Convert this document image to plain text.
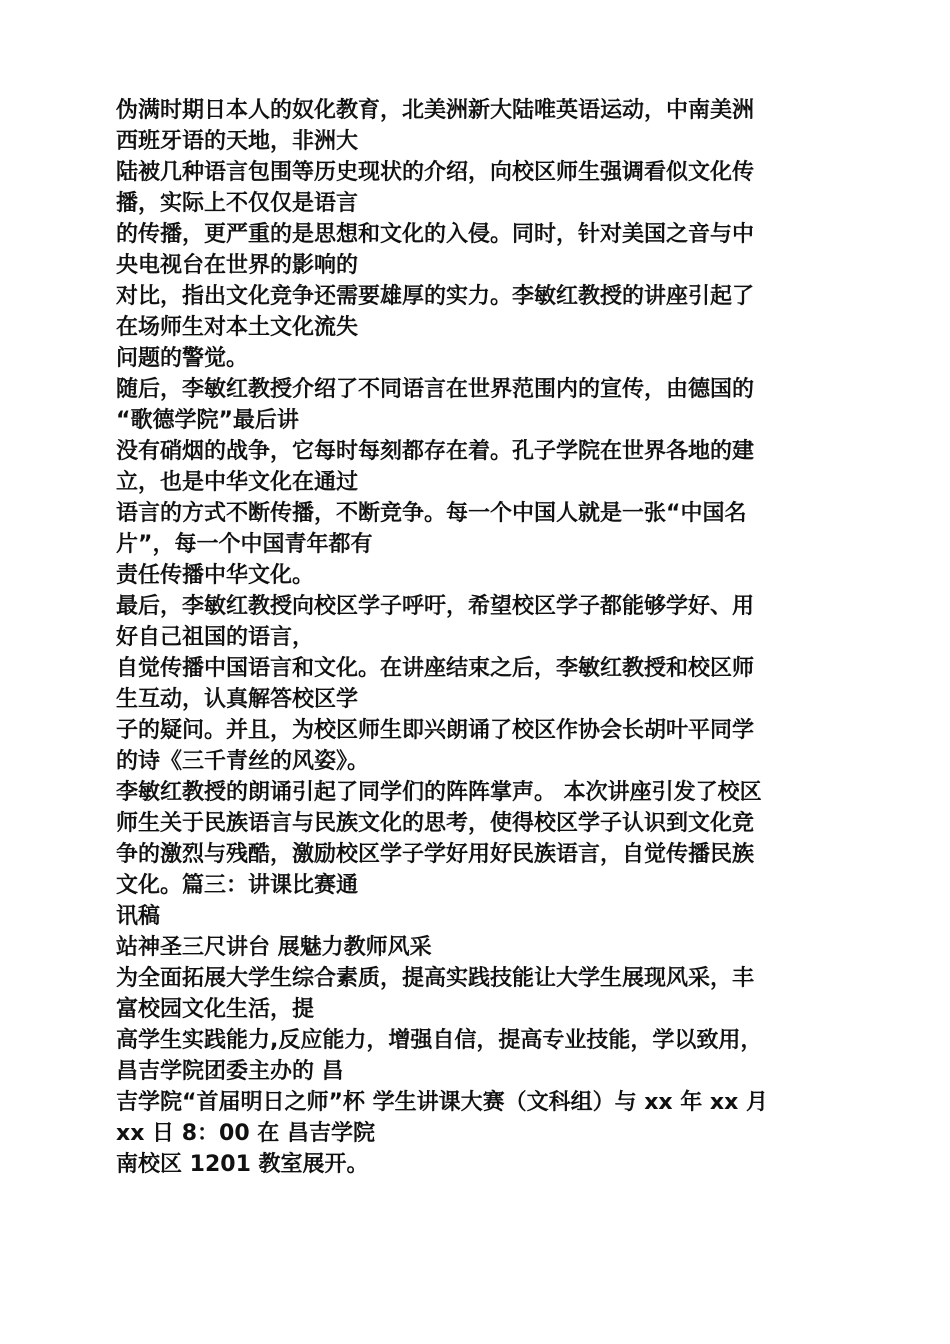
伪满时期日本人的奴化教育，北美洲新大陆唯英语运动，中南美洲
西班牙语的天地，非洲大
陆被几种语言包围等历史现状的介绍，向校区师生强调看似文化传
播，实际上不仅仅是语言
的传播，更严重的是思想和文化的入侵。同时，针对美国之音与中
央电视台在世界的影响的
对比，指出文化竞争还需要雄厚的实力。李敏红教授的讲座引起了
在场师生对本土文化流失
问题的警觉。
随后，李敏红教授介绍了不同语言在世界范围内的宣传，由德国的
“歌德学院”最后讲
没有硝烟的战争，它每时每刻都存在着。孔子学院在世界各地的建
立，也是中华文化在通过
语言的方式不断传播，不断竞争。每一个中国人就是一张“中国名
片”，每一个中国青年都有
责任传播中华文化。
最后，李敏红教授向校区学子呼吁，希望校区学子都能够学好、用
好自己祖国的语言，
自觉传播中国语言和文化。在讲座结束之后，李敏红教授和校区师
生互动，认真解答校区学
子的疑问。并且，为校区师生即兴朗诵了校区作协会长胡叶平同学
的诗《三千青丝的风姿》。
李敏红教授的朗诵引起了同学们的阵阵掌声。 本次讲座引发了校区
师生关于民族语言与民族文化的思考，使得校区学子认识到文化竞
争的激烈与残酷，激励校区学子学好用好民族语言，自觉传播民族
文化。篇三：讲课比赛通
讯稿
站神圣三尺讲台 展魅力教师风采
为全面拓展大学生综合素质，提高实践技能让大学生展现风采，丰
富校园文化生活，提
高学生实践能力,反应能力，增强自信，提高专业技能，学以致用，
昌吉学院团委主办的 昌
吉学院“首届明日之师”杯 学生讲课大赛（文科组）与 xx 年 xx 月
xx 日 8：00 在 昌吉学院
南校区 1201 教室展开。
